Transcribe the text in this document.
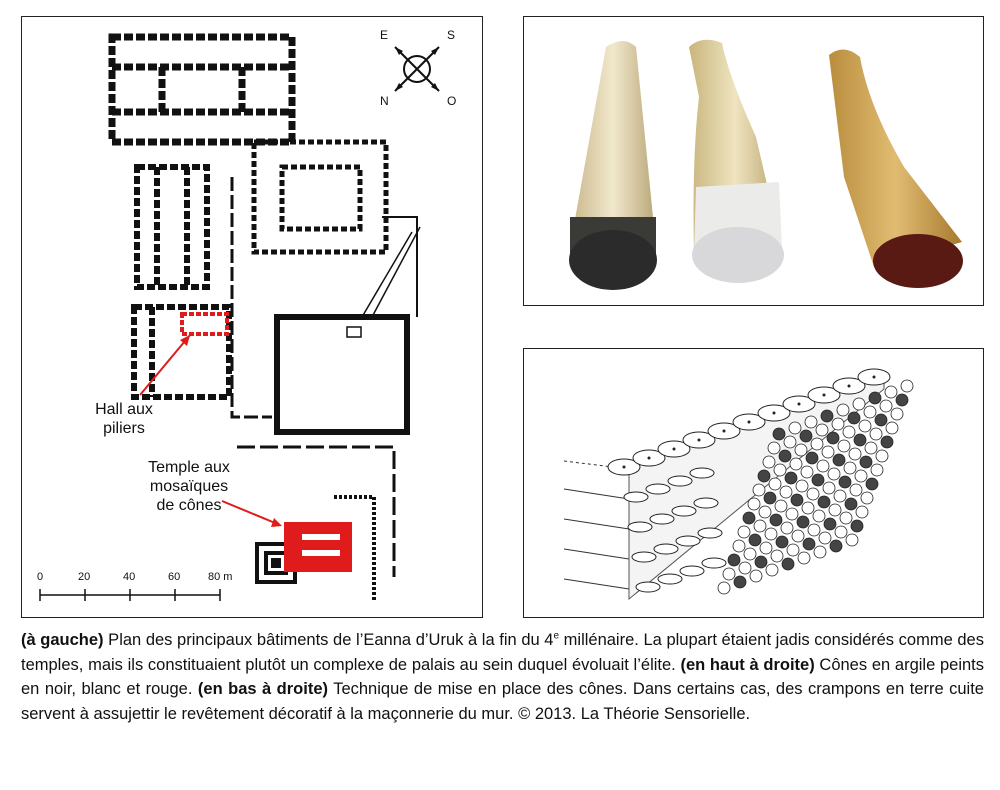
E	S
N	O
Hall aux
piliers
Temple aux
mosaïques
de cônes
0	20	40	60	80 m
(à gauche) Plan des principaux bâtiments de l’Eanna d’Uruk à la fin du 4e millénaire. La plupart étaient jadis considérés comme des temples, mais ils constituaient plutôt un complexe de palais au sein duquel évoluait l’élite. (en haut à droite) Cônes en argile peints en noir, blanc et rouge. (en bas à droite) Technique de mise en place des cônes. Dans certains cas, des crampons en terre cuite servent à assujettir le revêtement décoratif à la maçonnerie du mur. © 2013. La Théorie Sensorielle.
